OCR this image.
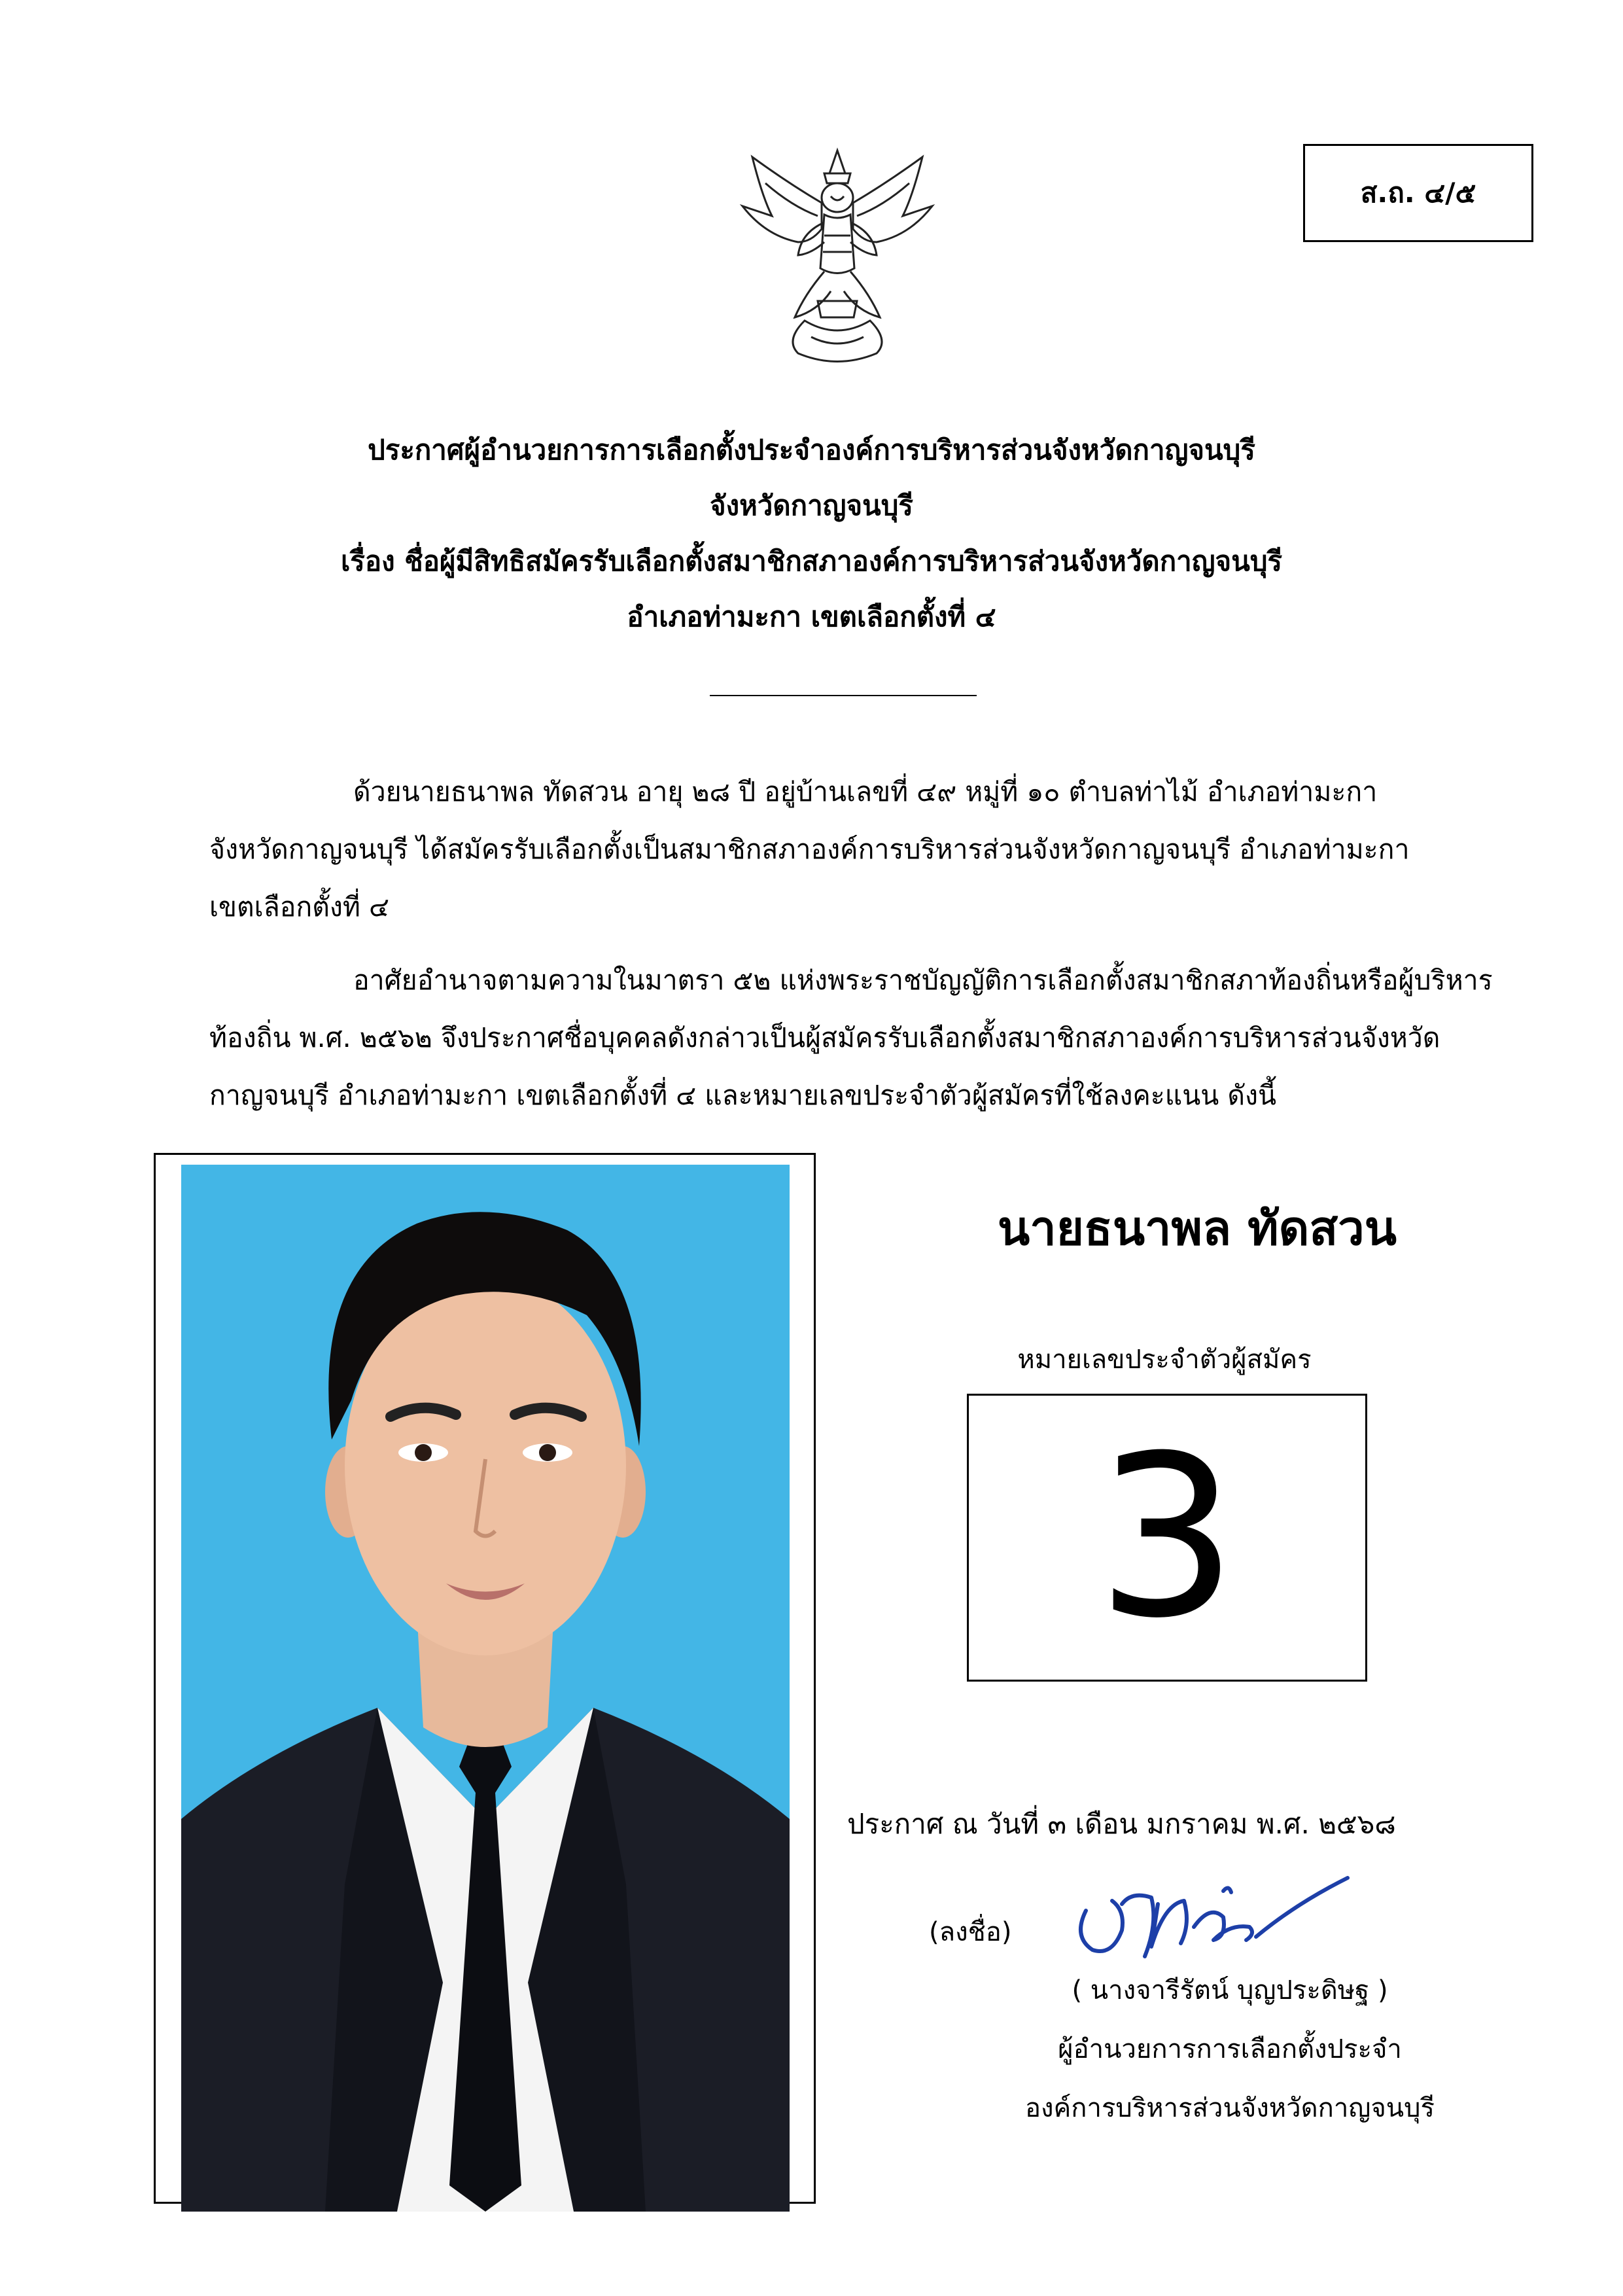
ส.ถ. ๔/๕
ประกาศผู้อำนวยการการเลือกตั้งประจำองค์การบริหารส่วนจังหวัดกาญจนบุรี
จังหวัดกาญจนบุรี
เรื่อง ชื่อผู้มีสิทธิสมัครรับเลือกตั้งสมาชิกสภาองค์การบริหารส่วนจังหวัดกาญจนบุรี
อำเภอท่ามะกา เขตเลือกตั้งที่ ๔
ด้วยนายธนาพล ทัดสวน อายุ ๒๘ ปี อยู่บ้านเลขที่ ๔๙ หมู่ที่ ๑๐ ตำบลท่าไม้ อำเภอท่ามะกา
จังหวัดกาญจนบุรี ได้สมัครรับเลือกตั้งเป็นสมาชิกสภาองค์การบริหารส่วนจังหวัดกาญจนบุรี อำเภอท่ามะกา
เขตเลือกตั้งที่ ๔
อาศัยอำนาจตามความในมาตรา ๕๒ แห่งพระราชบัญญัติการเลือกตั้งสมาชิกสภาท้องถิ่นหรือผู้บริหาร
ท้องถิ่น พ.ศ. ๒๕๖๒ จึงประกาศชื่อบุคคลดังกล่าวเป็นผู้สมัครรับเลือกตั้งสมาชิกสภาองค์การบริหารส่วนจังหวัด
กาญจนบุรี อำเภอท่ามะกา เขตเลือกตั้งที่ ๔ และหมายเลขประจำตัวผู้สมัครที่ใช้ลงคะแนน ดังนี้
นายธนาพล ทัดสวน
หมายเลขประจำตัวผู้สมัคร
3
ประกาศ ณ วันที่ ๓ เดือน มกราคม พ.ศ. ๒๕๖๘
(ลงชื่อ)
( นางจารีรัตน์ บุญประดิษฐ )
ผู้อำนวยการการเลือกตั้งประจำ
องค์การบริหารส่วนจังหวัดกาญจนบุรี
